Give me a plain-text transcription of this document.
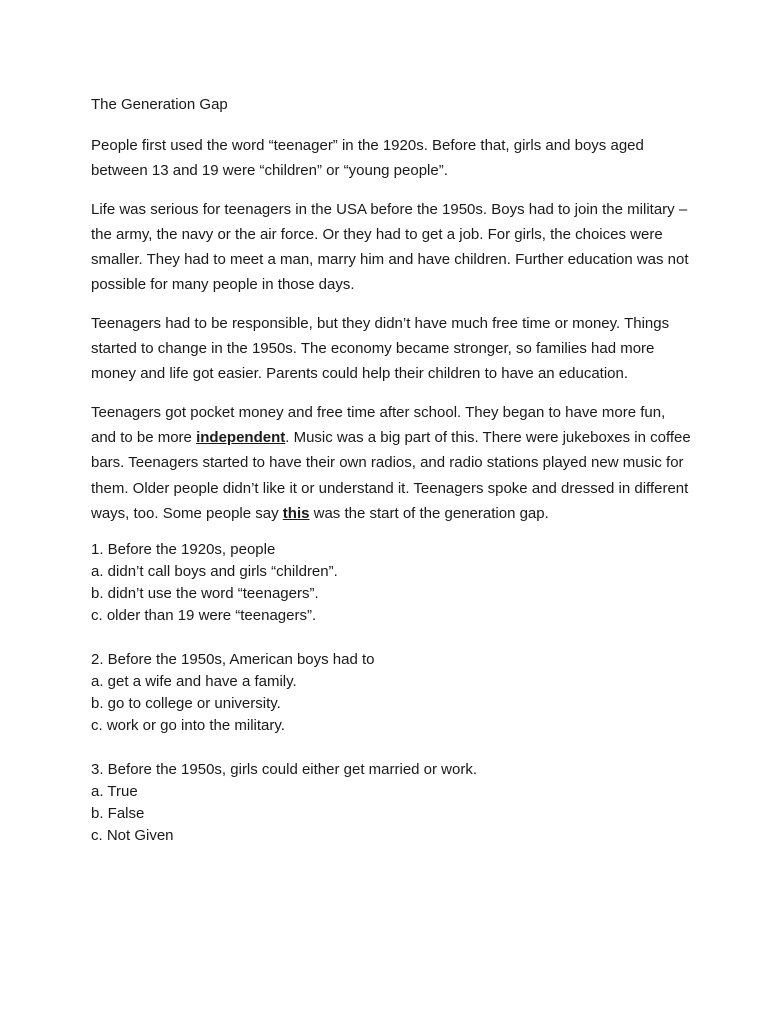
The Generation Gap

People first used the word “teenager” in the 1920s. Before that, girls and boys aged between 13 and 19 were “children” or “young people”.

Life was serious for teenagers in the USA before the 1950s. Boys had to join the military – the army, the navy or the air force. Or they had to get a job. For girls, the choices were smaller. They had to meet a man, marry him and have children. Further education was not possible for many people in those days.

Teenagers had to be responsible, but they didn’t have much free time or money. Things started to change in the 1950s. The economy became stronger, so families had more money and life got easier. Parents could help their children to have an education.

Teenagers got pocket money and free time after school. They began to have more fun, and to be more independent. Music was a big part of this. There were jukeboxes in coffee bars. Teenagers started to have their own radios, and radio stations played new music for them. Older people didn’t like it or understand it. Teenagers spoke and dressed in different ways, too. Some people say this was the start of the generation gap.

1. Before the 1920s, people
a. didn’t call boys and girls “children”.
b. didn’t use the word “teenagers”.
c. older than 19 were “teenagers”.
2. Before the 1950s, American boys had to
a. get a wife and have a family.
b. go to college or university.
c. work or go into the military.
3. Before the 1950s, girls could either get married or work.
a. True
b. False
c. Not Given
